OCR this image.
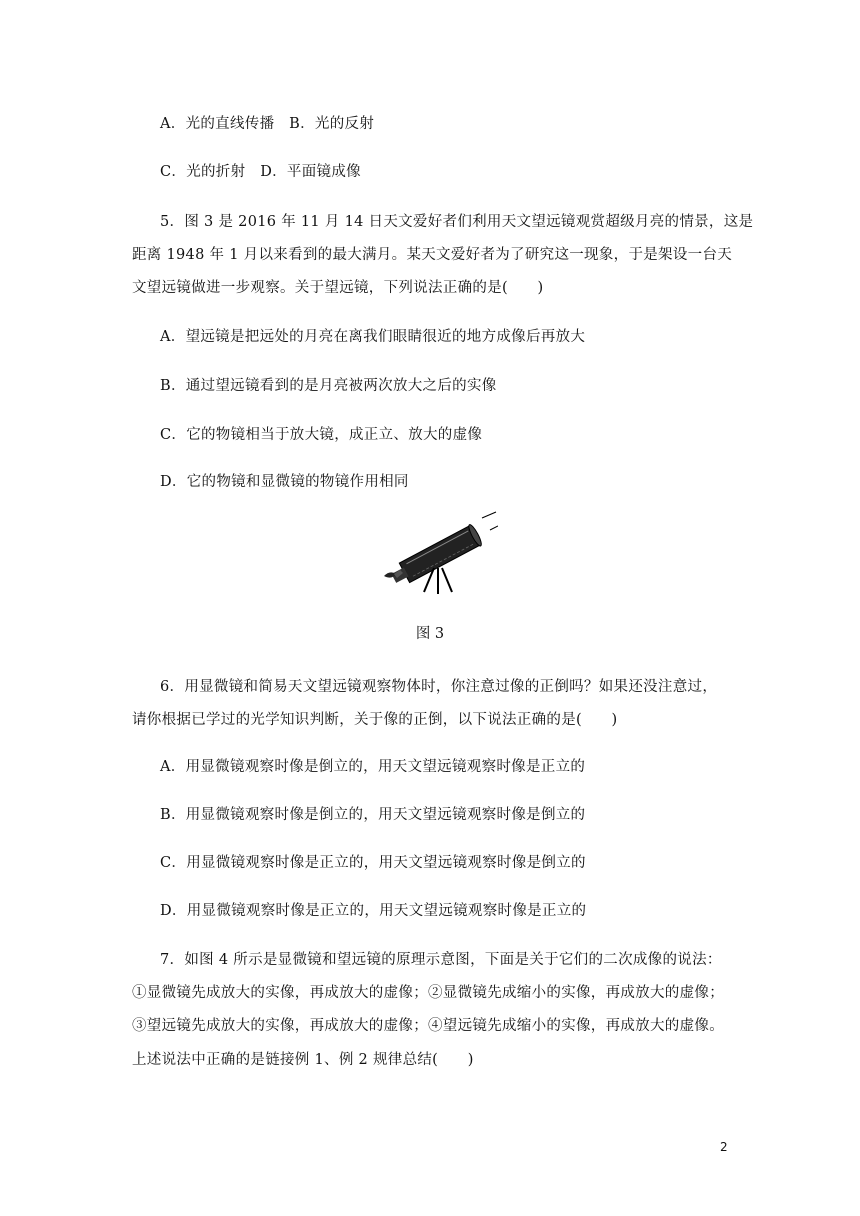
A．光的直线传播　B．光的反射
C．光的折射　D．平面镜成像
5．图 3 是 2016 年 11 月 14 日天文爱好者们利用天文望远镜观赏超级月亮的情景，这是
距离 1948 年 1 月以来看到的最大满月。某天文爱好者为了研究这一现象，于是架设一台天
文望远镜做进一步观察。关于望远镜，下列说法正确的是(　　)
A．望远镜是把远处的月亮在离我们眼睛很近的地方成像后再放大
B．通过望远镜看到的是月亮被两次放大之后的实像
C．它的物镜相当于放大镜，成正立、放大的虚像
D．它的物镜和显微镜的物镜作用相同
图 3
6．用显微镜和简易天文望远镜观察物体时，你注意过像的正倒吗？如果还没注意过，
请你根据已学过的光学知识判断，关于像的正倒，以下说法正确的是(　　)
A．用显微镜观察时像是倒立的，用天文望远镜观察时像是正立的
B．用显微镜观察时像是倒立的，用天文望远镜观察时像是倒立的
C．用显微镜观察时像是正立的，用天文望远镜观察时像是倒立的
D．用显微镜观察时像是正立的，用天文望远镜观察时像是正立的
7．如图 4 所示是显微镜和望远镜的原理示意图，下面是关于它们的二次成像的说法：
①显微镜先成放大的实像，再成放大的虚像；②显微镜先成缩小的实像，再成放大的虚像；
③望远镜先成放大的实像，再成放大的虚像；④望远镜先成缩小的实像，再成放大的虚像。
上述说法中正确的是链接例 1、例 2 规律总结(　　)
2
